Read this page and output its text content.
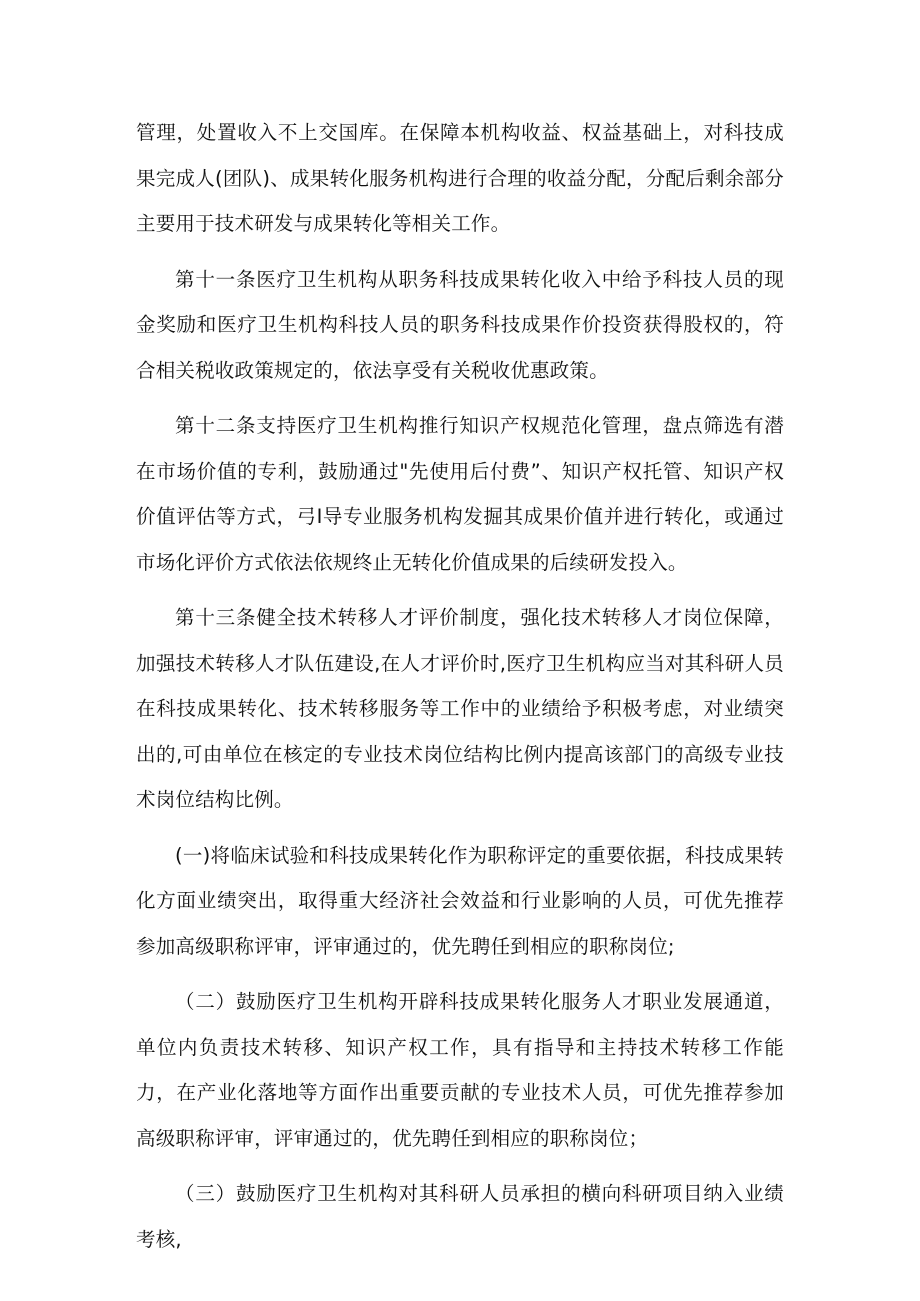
管理，处置收入不上交国库。在保障本机构收益、权益基础上，对科技成果完成人(团队)、成果转化服务机构进行合理的收益分配，分配后剩余部分主要用于技术研发与成果转化等相关工作。

第十一条医疗卫生机构从职务科技成果转化收入中给予科技人员的现金奖励和医疗卫生机构科技人员的职务科技成果作价投资获得股权的，符合相关税收政策规定的，依法享受有关税收优惠政策。

第十二条支持医疗卫生机构推行知识产权规范化管理，盘点筛选有潜在市场价值的专利，鼓励通过"先使用后付费”、知识产权托管、知识产权价值评估等方式，弓I导专业服务机构发掘其成果价值并进行转化，或通过市场化评价方式依法依规终止无转化价值成果的后续研发投入。

第十三条健全技术转移人才评价制度，强化技术转移人才岗位保障，加强技术转移人才队伍建设,在人才评价时,医疗卫生机构应当对其科研人员在科技成果转化、技术转移服务等工作中的业绩给予积极考虑，对业绩突出的,可由单位在核定的专业技术岗位结构比例内提高该部门的高级专业技术岗位结构比例。

(一)将临床试验和科技成果转化作为职称评定的重要依据，科技成果转化方面业绩突出，取得重大经济社会效益和行业影响的人员，可优先推荐参加高级职称评审，评审通过的，优先聘任到相应的职称岗位;

（二）鼓励医疗卫生机构开辟科技成果转化服务人才职业发展通道，单位内负责技术转移、知识产权工作，具有指导和主持技术转移工作能力，在产业化落地等方面作出重要贡献的专业技术人员，可优先推荐参加高级职称评审，评审通过的，优先聘任到相应的职称岗位；

（三）鼓励医疗卫生机构对其科研人员承担的横向科研项目纳入业绩考核,
